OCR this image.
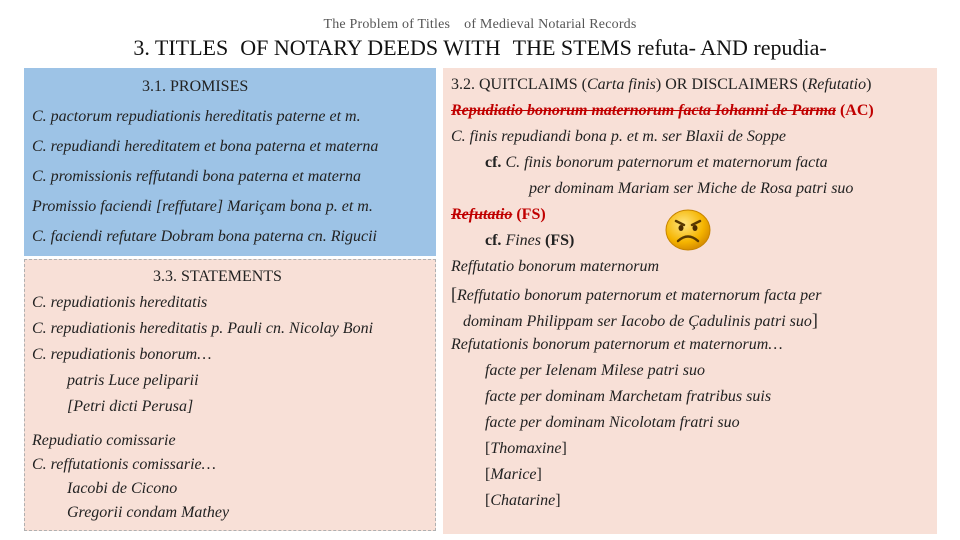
The Problem of Titles of Medieval Notarial Records
3. TITLES OF NOTARY DEEDS WITH THE STEMS refuta- AND repudia-
3.1. PROMISES
C. pactorum repudiationis hereditatis paterne et m.
C. repudiandi hereditatem et bona paterna et materna
C. promissionis reffutandi bona paterna et materna
Promissio faciendi [reffutare] Mariçam bona p. et m.
C. faciendi refutare Dobram bona paterna cn. Rigucii
3.3. STATEMENTS
C. repudiationis hereditatis
C. repudiationis hereditatis p. Pauli cn. Nicolay Boni
C. repudiationis bonorum…
patris Luce peliparii
[Petri dicti Perusa]
Repudiatio comissarie
C. reffutationis comissarie…
Iacobi de Cicono
Gregorii condam Mathey
3.2. QUITCLAIMS (Carta finis) OR DISCLAIMERS (Refutatio)
Repudiatio bonorum maternorum facta Iohanni de Parma (AC)
C. finis repudiandi bona p. et m. ser Blaxii de Soppe
cf. C. finis bonorum paternorum et maternorum facta
per dominam Mariam ser Miche de Rosa patri suo
Refutatio (FS)
cf. Fines (FS)
Reffutatio bonorum maternorum
[Reffutatio bonorum paternorum et maternorum facta per
dominam Philippam ser Iacobo de Çadulinis patri suo]
Refutationis bonorum paternorum et maternorum…
facte per Ielenam Milese patri suo
facte per dominam Marchetam fratribus suis
facte per dominam Nicolotam fratri suo
[Thomaxine]
[Marice]
[Chatarine]
